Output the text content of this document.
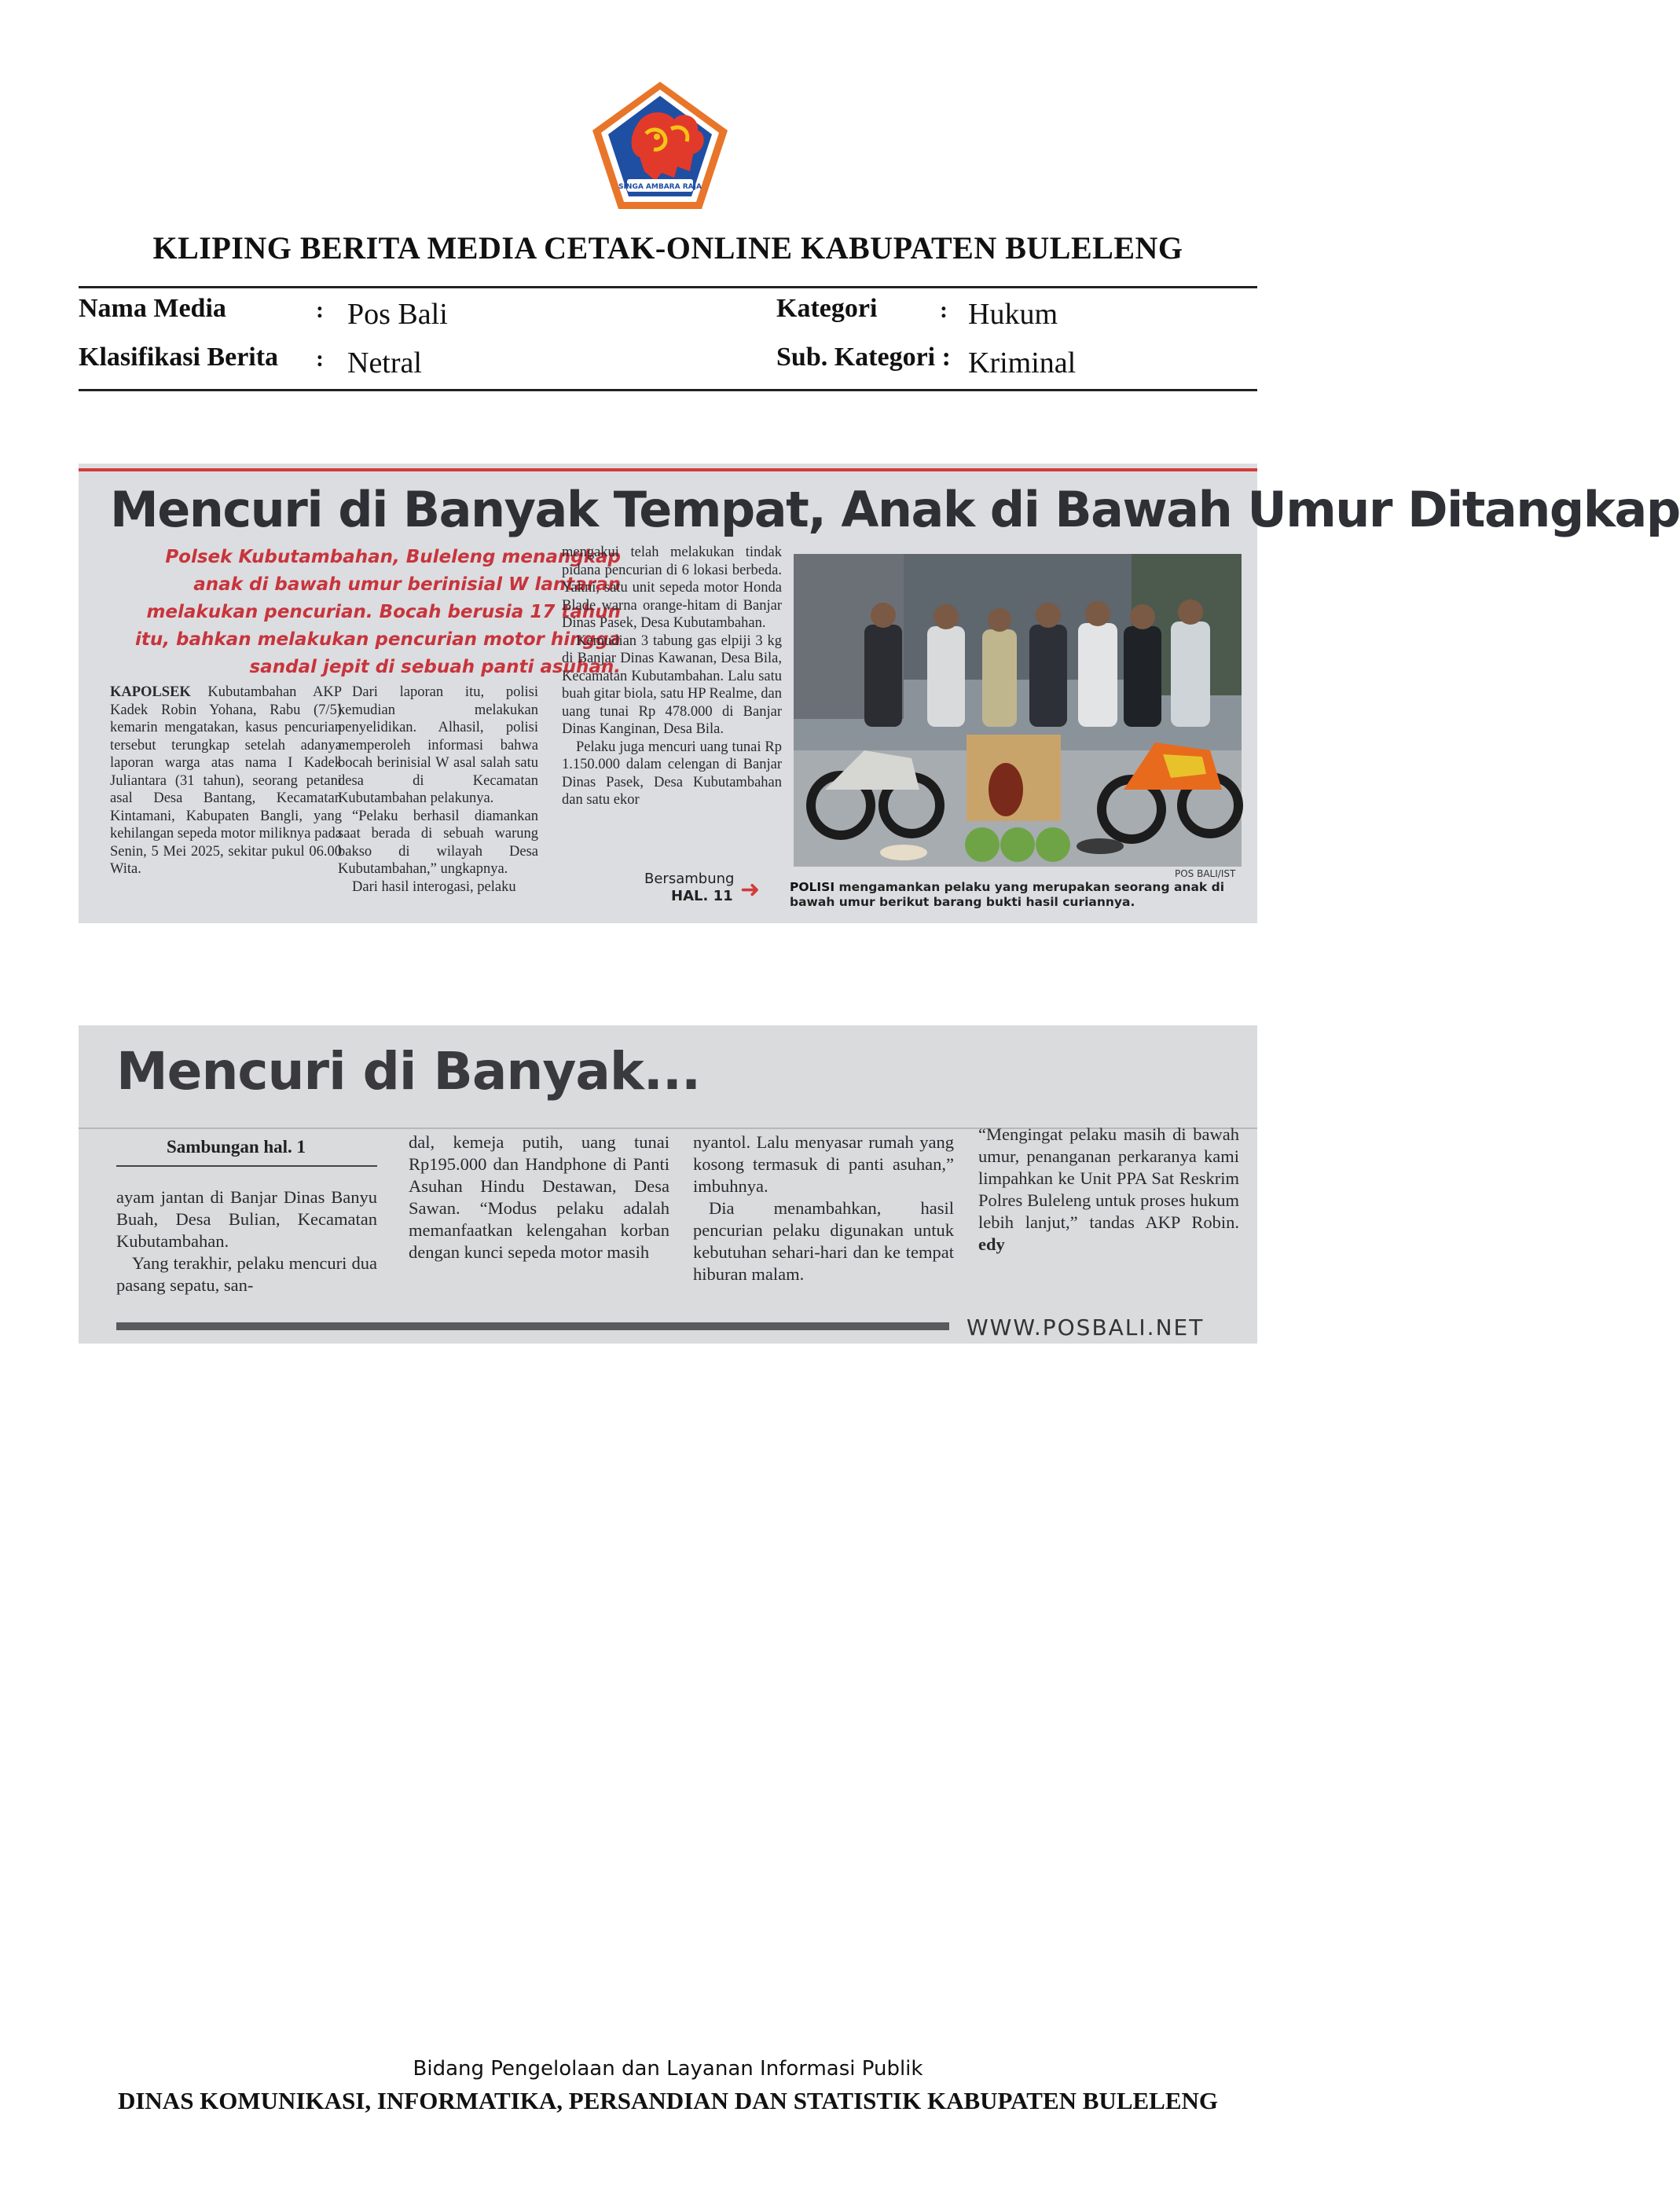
SINGA AMBARA RAJA
KLIPING BERITA MEDIA CETAK-ONLINE KABUPATEN BULELENG
Nama Media	: Pos Bali	Kategori	: Hukum
Klasifikasi Berita : Netral	Sub. Kategori : Kriminal
Mencuri di Banyak Tempat, Anak di Bawah Umur Ditangkap
Polsek Kubutambahan, Buleleng menangkap anak di bawah umur berinisial W lantaran melakukan pencurian. Bocah berusia 17 tahun itu, bahkan melakukan pencurian motor hingga sandal jepit di sebuah panti asuhan.
KAPOLSEK Kubutambahan AKP Kadek Robin Yohana, Rabu (7/5) kemarin mengatakan, kasus pencurian tersebut terungkap setelah adanya laporan warga atas nama I Kadek Juliantara (31 tahun), seorang petani asal Desa Bantang, Kecamatan Kintamani, Kabupaten Bangli, yang kehilangan sepeda motor miliknya pada Senin, 5 Mei 2025, sekitar pukul 06.00 Wita.
Dari laporan itu, polisi kemudian melakukan penyelidikan. Alhasil, polisi memperoleh informasi bahwa bocah berinisial W asal salah satu desa di Kecamatan Kubutambahan pelakunya.
“Pelaku berhasil diamankan saat berada di sebuah warung bakso di wilayah Desa Kubutambahan,” ungkapnya.
Dari hasil interogasi, pelaku
mengakui telah melakukan tindak pidana pencurian di 6 lokasi berbeda. Yakni, satu unit sepeda motor Honda Blade warna orange-hitam di Banjar Dinas Pasek, Desa Kubutambahan.
Kemudian 3 tabung gas elpiji 3 kg di Banjar Dinas Kawanan, Desa Bila, Kecamatan Kubutambahan. Lalu satu buah gitar biola, satu HP Realme, dan uang tunai Rp 478.000 di Banjar Dinas Kanginan, Desa Bila.
Pelaku juga mencuri uang tunai Rp 1.150.000 dalam celengan di Banjar Dinas Pasek, Desa Kubutambahan dan satu ekor
Bersambung
HAL. 11 ➜
POS BALI/IST
POLISI mengamankan pelaku yang merupakan seorang anak di bawah umur berikut barang bukti hasil curiannya.
Mencuri di Banyak...
Sambungan hal. 1
ayam jantan di Banjar Dinas Banyu Buah, Desa Bulian, Kecamatan Kubutambahan.
Yang terakhir, pelaku mencuri dua pasang sepatu, san-
dal, kemeja putih, uang tunai Rp195.000 dan Handphone di Panti Asuhan Hindu Destawan, Desa Sawan. “Modus pelaku adalah memanfaatkan kelengahan korban dengan kunci sepeda motor masih
nyantol. Lalu menyasar rumah yang kosong termasuk di panti asuhan,” imbuhnya.
Dia menambahkan, hasil pencurian pelaku digunakan untuk kebutuhan sehari-hari dan ke tempat hiburan malam.
“Mengingat pelaku masih di bawah umur, penanganan perkaranya kami limpahkan ke Unit PPA Sat Reskrim Polres Buleleng untuk proses hukum lebih lanjut,” tandas AKP Robin. edy
WWW.POSBALI.NET
Bidang Pengelolaan dan Layanan Informasi Publik
DINAS KOMUNIKASI, INFORMATIKA, PERSANDIAN DAN STATISTIK KABUPATEN BULELENG
